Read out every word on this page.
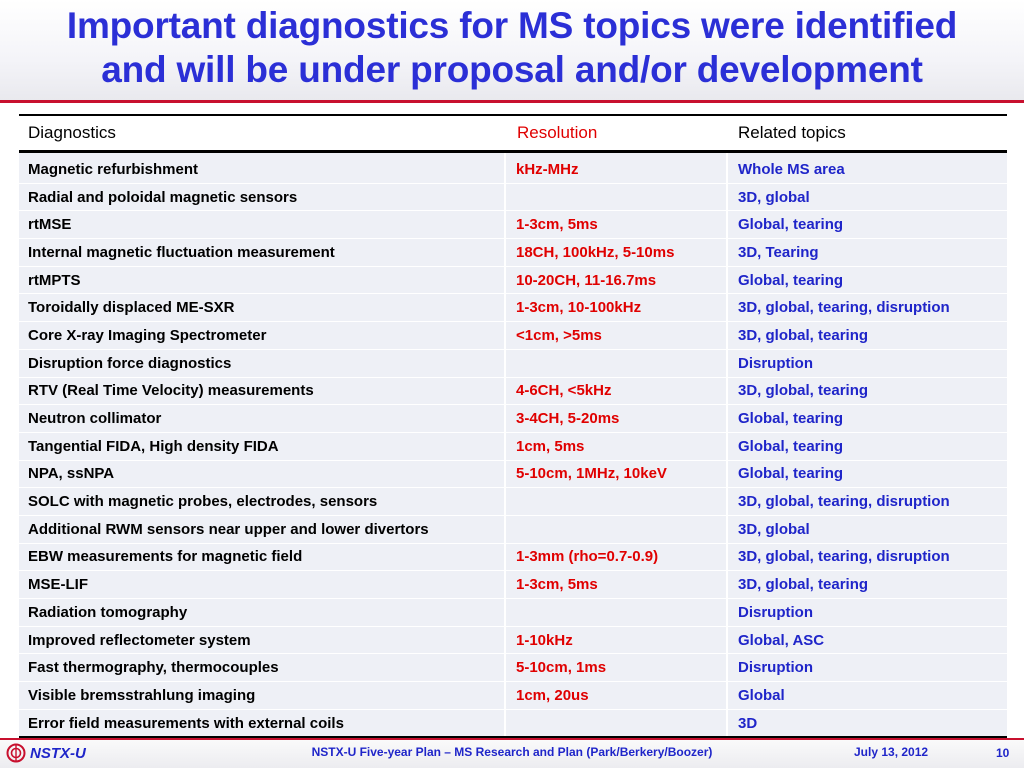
Important diagnostics for MS topics were identified
and will be under proposal and/or development
Diagnostics	Resolution	Related topics
Magnetic refurbishment	kHz-MHz	Whole MS area
Radial and poloidal magnetic sensors		3D, global
rtMSE	1-3cm, 5ms	Global, tearing
Internal magnetic fluctuation measurement	18CH, 100kHz, 5-10ms	3D, Tearing
rtMPTS	10-20CH, 11-16.7ms	Global, tearing
Toroidally displaced ME-SXR	1-3cm, 10-100kHz	3D, global, tearing, disruption
Core X-ray Imaging Spectrometer	<1cm, >5ms	3D, global, tearing
Disruption force diagnostics		Disruption
RTV (Real Time Velocity) measurements	4-6CH, <5kHz	3D, global, tearing
Neutron collimator	3-4CH, 5-20ms	Global, tearing
Tangential FIDA, High density FIDA	1cm, 5ms	Global, tearing
NPA, ssNPA	5-10cm, 1MHz, 10keV	Global, tearing
SOLC with magnetic probes, electrodes, sensors		3D, global, tearing, disruption
Additional RWM sensors near upper and lower divertors		3D, global
EBW measurements for magnetic field	1-3mm (rho=0.7-0.9)	3D, global, tearing, disruption
MSE-LIF	1-3cm, 5ms	3D, global, tearing
Radiation tomography		Disruption
Improved reflectometer system	1-10kHz	Global, ASC
Fast thermography, thermocouples	5-10cm, 1ms	Disruption
Visible bremsstrahlung imaging	1cm, 20us	Global
Error field measurements with external coils		3D
NSTX-U	NSTX-U Five-year Plan – MS Research and Plan (Park/Berkery/Boozer)	July 13, 2012	10
